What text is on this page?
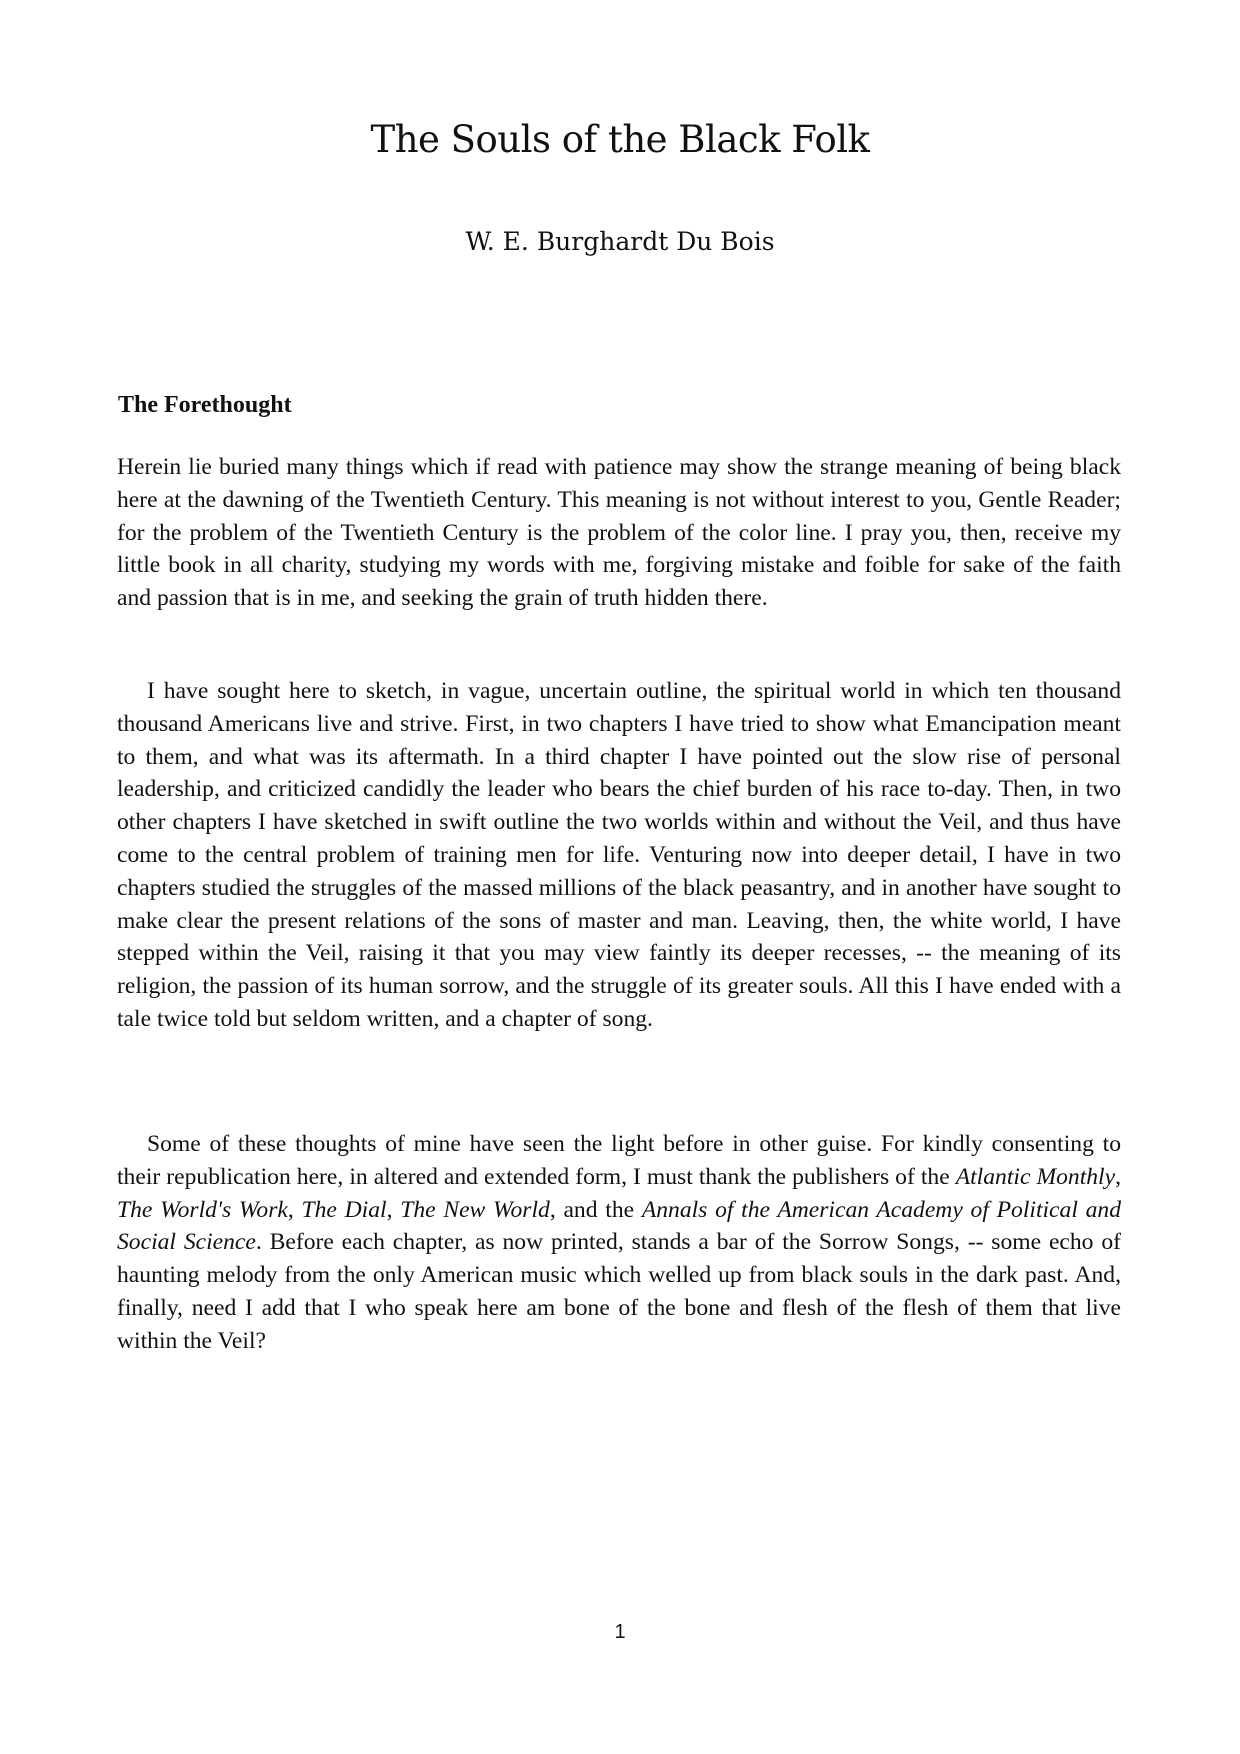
The Souls of the Black Folk
W. E. Burghardt Du Bois
The Forethought

Herein lie buried many things which if read with patience may show the strange meaning of being black here at the dawning of the Twentieth Century. This meaning is not without interest to you, Gentle Reader; for the problem of the Twentieth Century is the problem of the color line. I pray you, then, receive my little book in all charity, studying my words with me, forgiving mistake and foible for sake of the faith and passion that is in me, and seeking the grain of truth hidden there.

I have sought here to sketch, in vague, uncertain outline, the spiritual world in which ten thousand thousand Americans live and strive. First, in two chapters I have tried to show what Emancipation meant to them, and what was its aftermath. In a third chapter I have pointed out the slow rise of personal leadership, and criticized candidly the leader who bears the chief burden of his race to-day. Then, in two other chapters I have sketched in swift outline the two worlds within and without the Veil, and thus have come to the central problem of training men for life. Venturing now into deeper detail, I have in two chapters studied the struggles of the massed millions of the black peasantry, and in another have sought to make clear the present relations of the sons of master and man. Leaving, then, the white world, I have stepped within the Veil, raising it that you may view faintly its deeper recesses, -- the meaning of its religion, the passion of its human sorrow, and the struggle of its greater souls. All this I have ended with a tale twice told but seldom written, and a chapter of song.

Some of these thoughts of mine have seen the light before in other guise. For kindly consenting to their republication here, in altered and extended form, I must thank the publishers of the Atlantic Monthly, The World's Work, The Dial, The New World, and the Annals of the American Academy of Political and Social Science. Before each chapter, as now printed, stands a bar of the Sorrow Songs, -- some echo of haunting melody from the only American music which welled up from black souls in the dark past. And, finally, need I add that I who speak here am bone of the bone and flesh of the flesh of them that live within the Veil?

1
